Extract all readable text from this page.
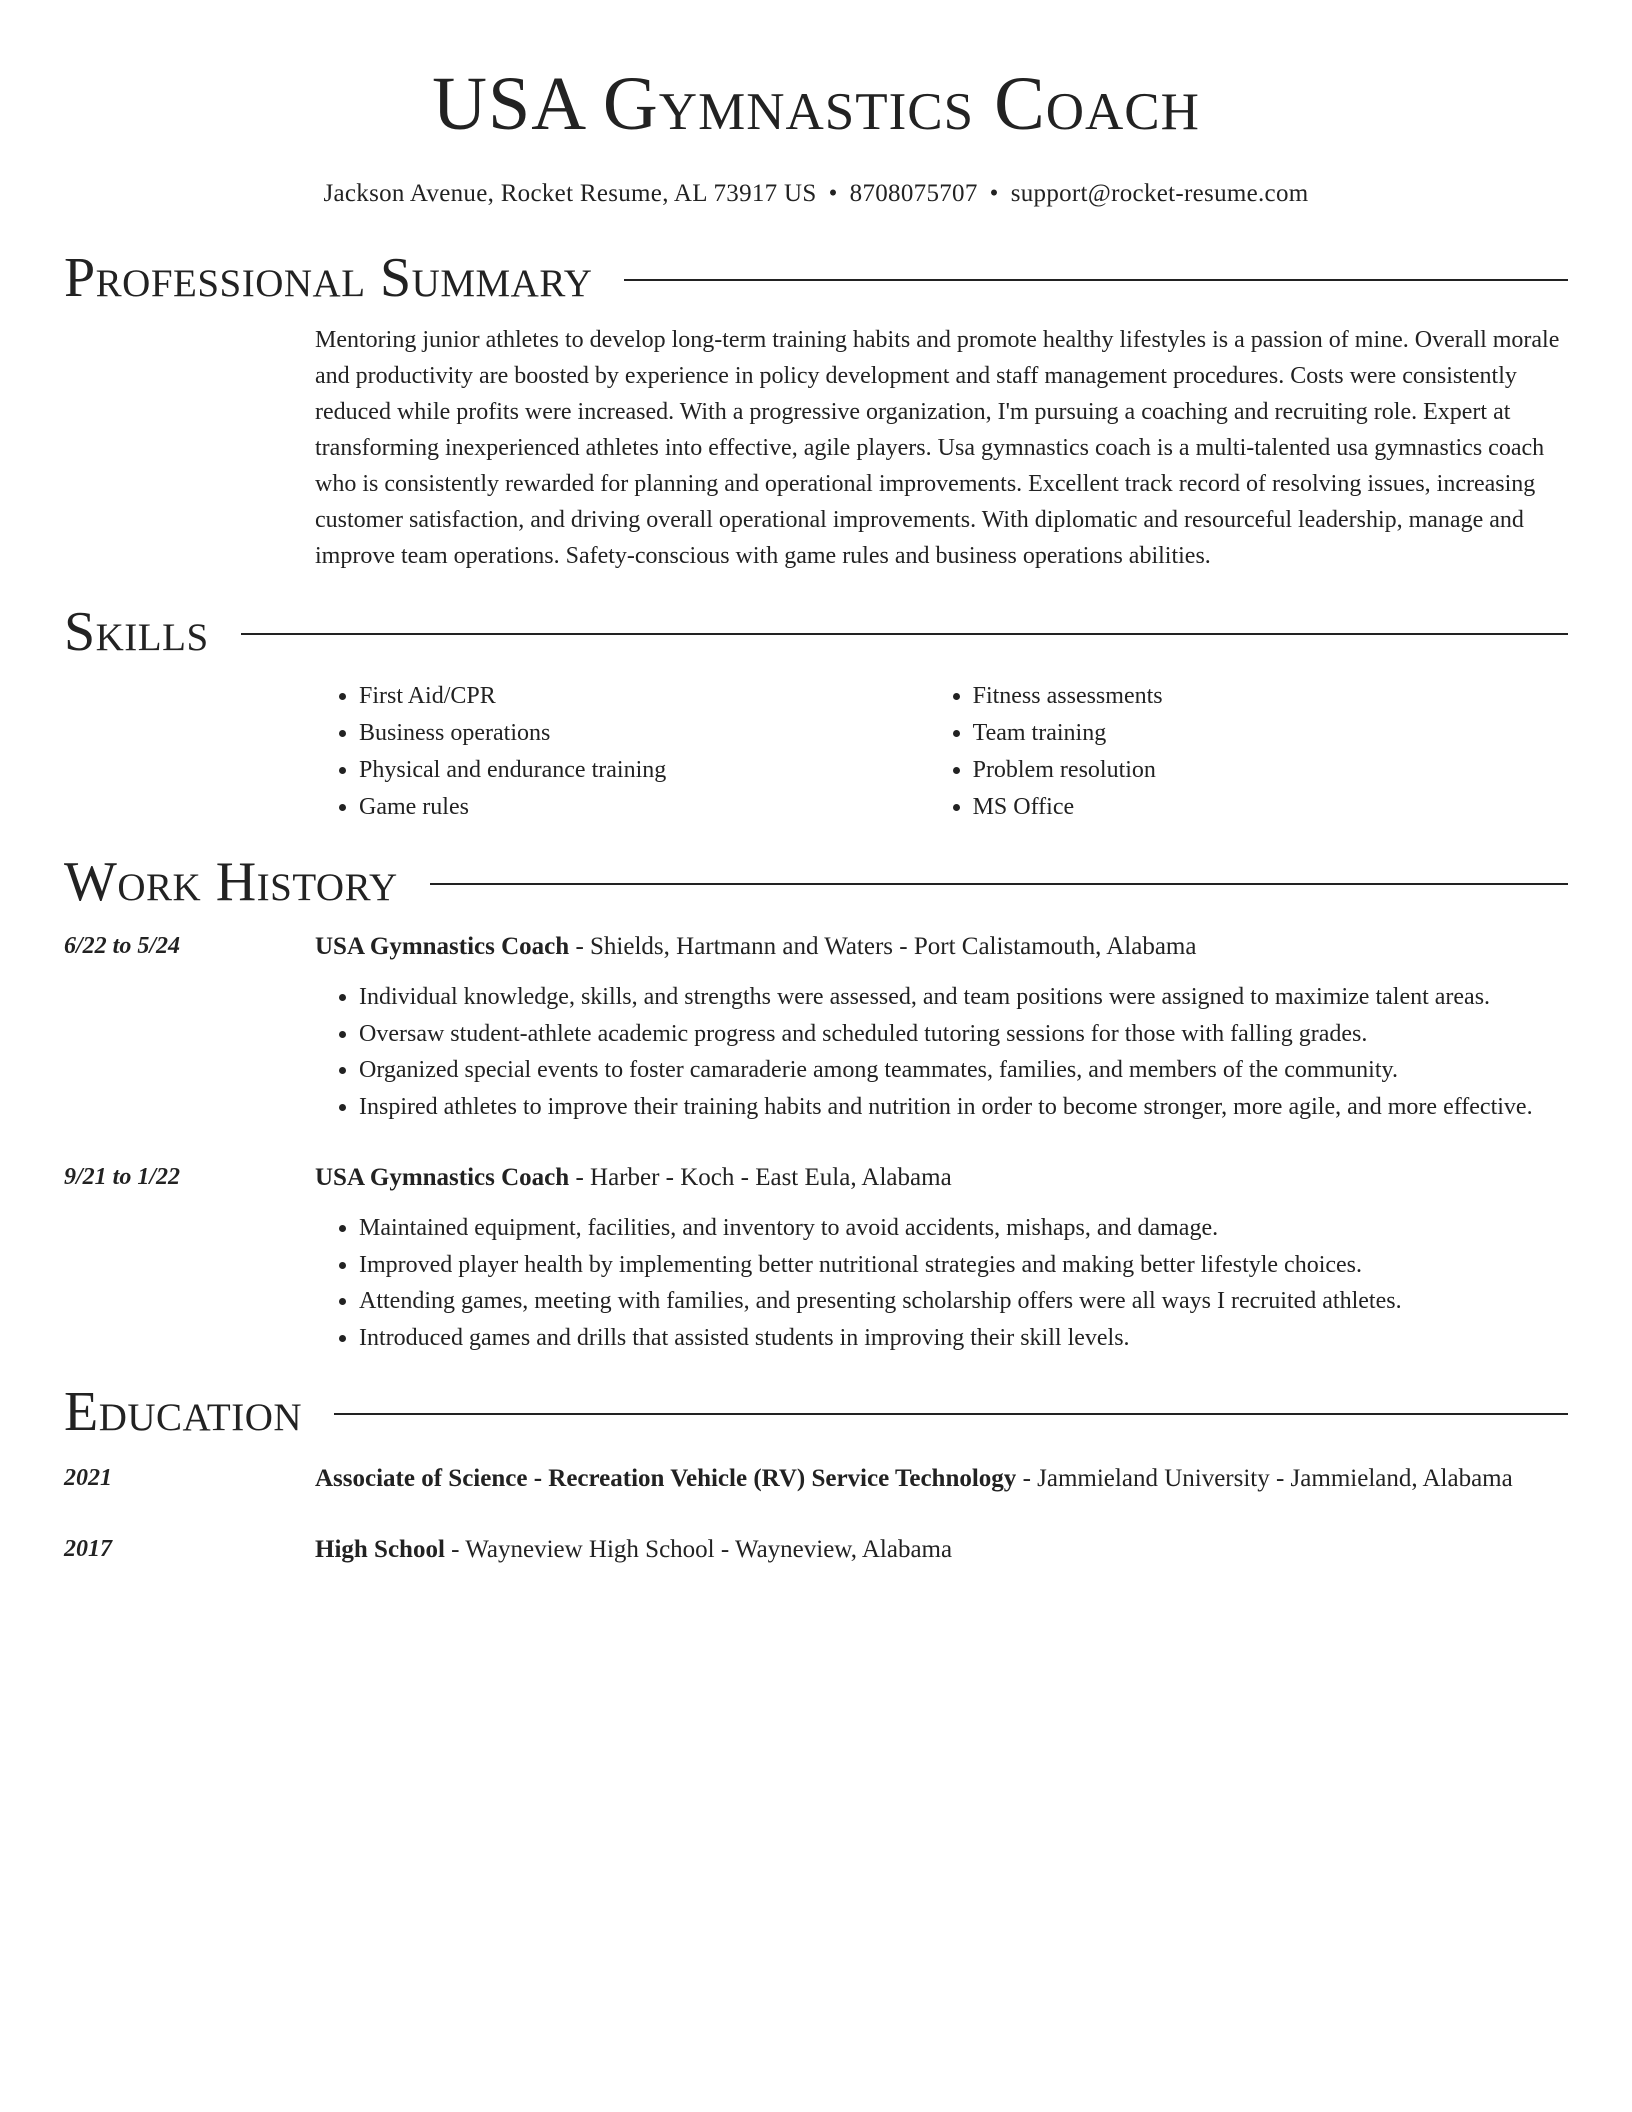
USA Gymnastics Coach
Jackson Avenue, Rocket Resume, AL 73917 US • 8708075707 • support@rocket-resume.com
Professional Summary
Mentoring junior athletes to develop long-term training habits and promote healthy lifestyles is a passion of mine. Overall morale and productivity are boosted by experience in policy development and staff management procedures. Costs were consistently reduced while profits were increased. With a progressive organization, I'm pursuing a coaching and recruiting role. Expert at transforming inexperienced athletes into effective, agile players. Usa gymnastics coach is a multi-talented usa gymnastics coach who is consistently rewarded for planning and operational improvements. Excellent track record of resolving issues, increasing customer satisfaction, and driving overall operational improvements. With diplomatic and resourceful leadership, manage and improve team operations. Safety-conscious with game rules and business operations abilities.
Skills
• First Aid/CPR
• Business operations
• Physical and endurance training
• Game rules
• Fitness assessments
• Team training
• Problem resolution
• MS Office
Work History
6/22 to 5/24	USA Gymnastics Coach - Shields, Hartmann and Waters - Port Calistamouth, Alabama
• Individual knowledge, skills, and strengths were assessed, and team positions were assigned to maximize talent areas.
• Oversaw student-athlete academic progress and scheduled tutoring sessions for those with falling grades.
• Organized special events to foster camaraderie among teammates, families, and members of the community.
• Inspired athletes to improve their training habits and nutrition in order to become stronger, more agile, and more effective.
9/21 to 1/22	USA Gymnastics Coach - Harber - Koch - East Eula, Alabama
• Maintained equipment, facilities, and inventory to avoid accidents, mishaps, and damage.
• Improved player health by implementing better nutritional strategies and making better lifestyle choices.
• Attending games, meeting with families, and presenting scholarship offers were all ways I recruited athletes.
• Introduced games and drills that assisted students in improving their skill levels.
Education
2021	Associate of Science - Recreation Vehicle (RV) Service Technology - Jammieland University - Jammieland, Alabama
2017	High School - Wayneview High School - Wayneview, Alabama
